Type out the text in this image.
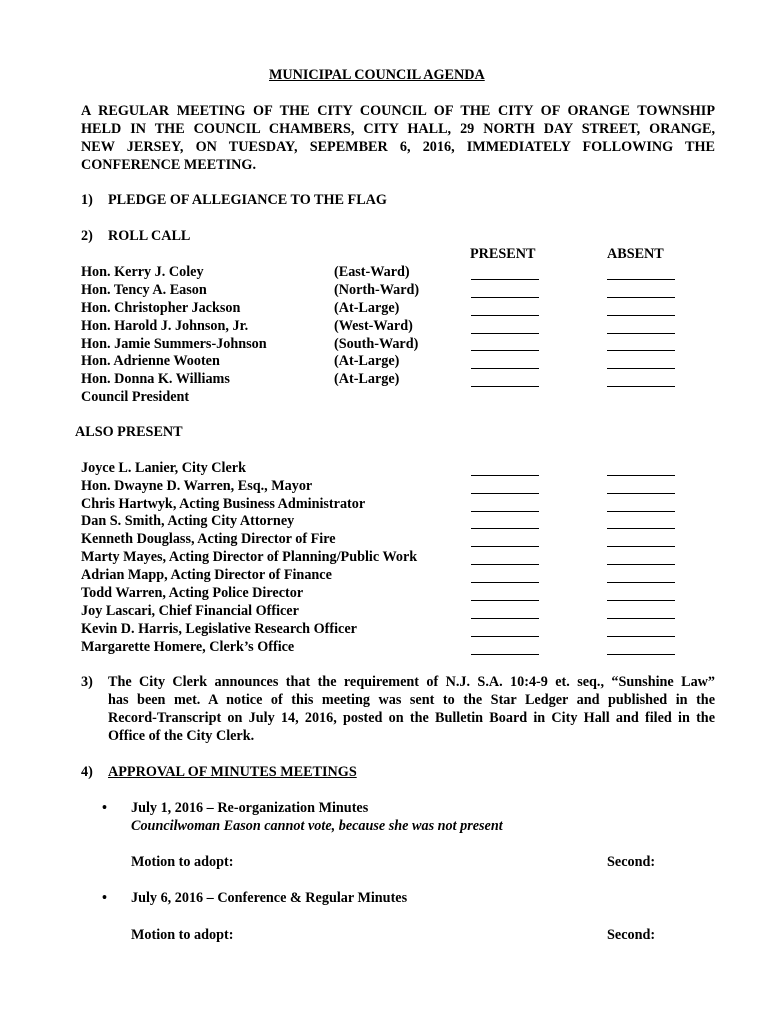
MUNICIPAL COUNCIL AGENDA
A REGULAR MEETING OF THE CITY COUNCIL OF THE CITY OF ORANGE TOWNSHIP
HELD IN THE COUNCIL CHAMBERS, CITY HALL, 29 NORTH DAY STREET, ORANGE,
NEW JERSEY, ON TUESDAY, SEPEMBER 6, 2016, IMMEDIATELY FOLLOWING THE
CONFERENCE MEETING.
1) PLEDGE OF ALLEGIANCE TO THE FLAG
2) ROLL CALL
PRESENT	ABSENT
Hon. Kerry J. Coley	(East-Ward)
Hon. Tency A. Eason	(North-Ward)
Hon. Christopher Jackson	(At-Large)
Hon. Harold J. Johnson, Jr.	(West-Ward)
Hon. Jamie Summers-Johnson	(South-Ward)
Hon. Adrienne Wooten	(At-Large)
Hon. Donna K. Williams	(At-Large)
Council President
ALSO PRESENT
Joyce L. Lanier, City Clerk
Hon. Dwayne D. Warren, Esq., Mayor
Chris Hartwyk, Acting Business Administrator
Dan S. Smith, Acting City Attorney
Kenneth Douglass, Acting Director of Fire
Marty Mayes, Acting Director of Planning/Public Work
Adrian Mapp, Acting Director of Finance
Todd Warren, Acting Police Director
Joy Lascari, Chief Financial Officer
Kevin D. Harris, Legislative Research Officer
Margarette Homere, Clerk’s Office
3) The City Clerk announces that the requirement of N.J. S.A. 10:4-9 et. seq., “Sunshine Law”
has been met. A notice of this meeting was sent to the Star Ledger and published in the
Record-Transcript on July 14, 2016, posted on the Bulletin Board in City Hall and filed in the
Office of the City Clerk.
4) APPROVAL OF MINUTES MEETINGS
• July 1, 2016 – Re-organization Minutes
Councilwoman Eason cannot vote, because she was not present
Motion to adopt:	Second:
• July 6, 2016 – Conference & Regular Minutes
Motion to adopt:	Second:
